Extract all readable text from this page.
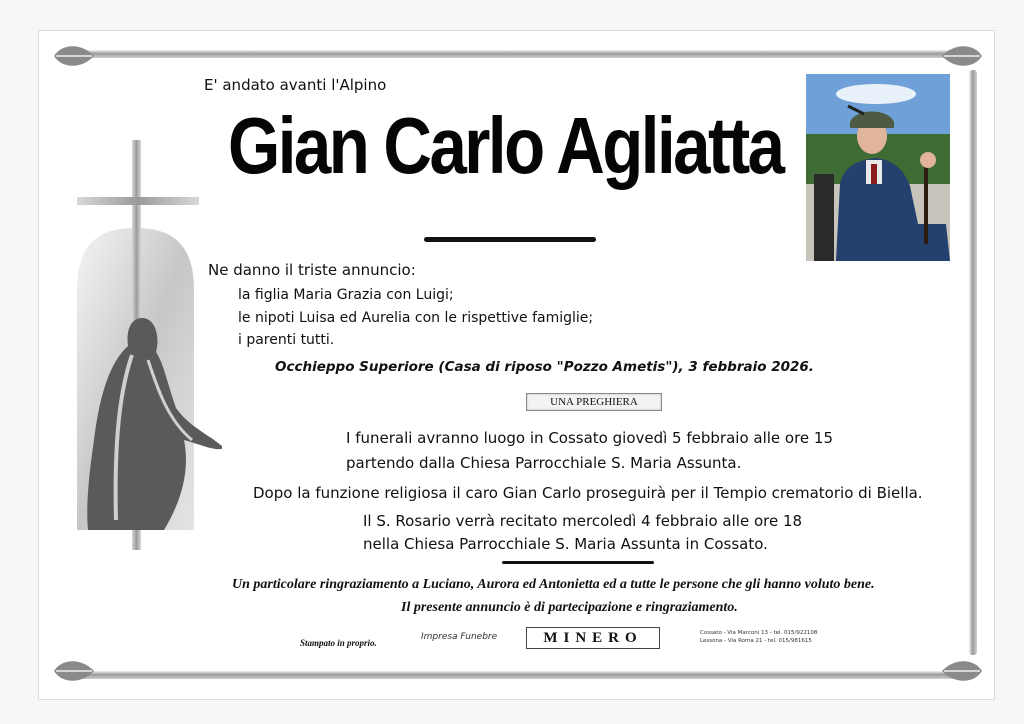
E' andato avanti l'Alpino
Gian Carlo Agliatta
Ne danno il triste annuncio:
la figlia Maria Grazia con Luigi;
le nipoti Luisa ed Aurelia con le rispettive famiglie;
i parenti tutti.
Occhieppo Superiore (Casa di riposo "Pozzo Ametis"), 3 febbraio 2026.
UNA PREGHIERA
I funerali avranno luogo in Cossato giovedì 5 febbraio alle ore 15
partendo dalla Chiesa Parrocchiale S. Maria Assunta.
Dopo la funzione religiosa il caro Gian Carlo proseguirà per il Tempio crematorio di Biella.
Il S. Rosario verrà recitato mercoledì 4 febbraio alle ore 18
nella Chiesa Parrocchiale S. Maria Assunta in Cossato.
Un particolare ringraziamento a Luciano, Aurora ed Antonietta ed a tutte le persone che gli hanno voluto bene.
Il presente annuncio è di partecipazione e ringraziamento.
Stampato in proprio.
Impresa Funebre	MINERO	Cossato - Via Marconi 13 - tel. 015/922108
Lessona - Via Roma 21 - tel. 015/981615
